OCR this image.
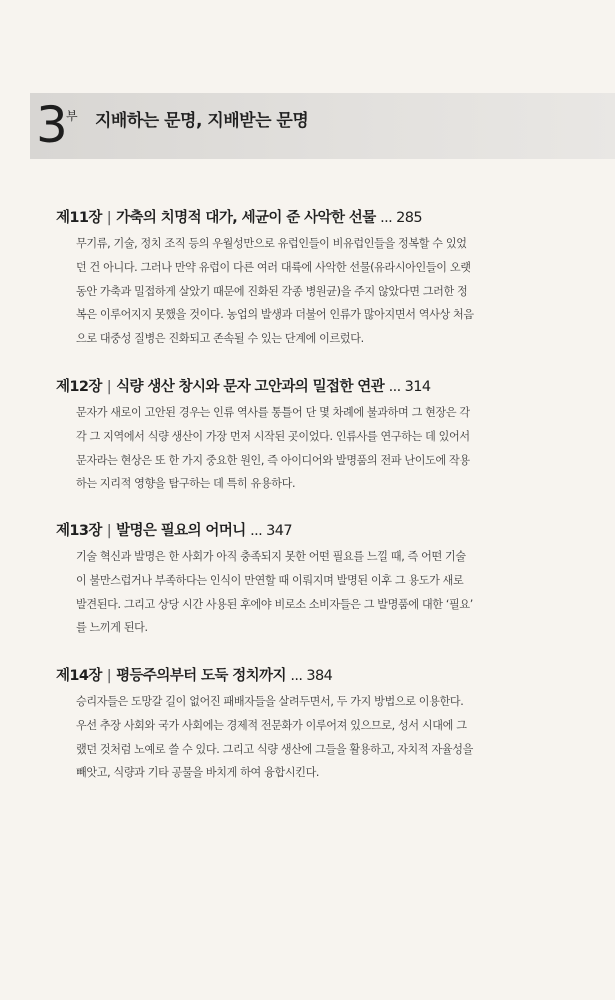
3
부 지배하는 문명, 지배받는 문명
제11장 | 가축의 치명적 대가, 세균이 준 사악한 선물 ... 285
무기류, 기술, 정치 조직 등의 우월성만으로 유럽인들이 비유럽인들을 정복할 수 있었
던 건 아니다. 그러나 만약 유럽이 다른 여러 대륙에 사악한 선물(유라시아인들이 오랫
동안 가축과 밀접하게 살았기 때문에 진화된 각종 병원균)을 주지 않았다면 그러한 정
복은 이루어지지 못했을 것이다. 농업의 발생과 더불어 인류가 많아지면서 역사상 처음
으로 대중성 질병은 진화되고 존속될 수 있는 단계에 이르렀다.
제12장 | 식량 생산 창시와 문자 고안과의 밀접한 연관 ... 314
문자가 새로이 고안된 경우는 인류 역사를 통틀어 단 몇 차례에 불과하며 그 현장은 각
각 그 지역에서 식량 생산이 가장 먼저 시작된 곳이었다. 인류사를 연구하는 데 있어서
문자라는 현상은 또 한 가지 중요한 원인, 즉 아이디어와 발명품의 전파 난이도에 작용
하는 지리적 영향을 탐구하는 데 특히 유용하다.
제13장 | 발명은 필요의 어머니 ... 347
기술 혁신과 발명은 한 사회가 아직 충족되지 못한 어떤 필요를 느낄 때, 즉 어떤 기술
이 불만스럽거나 부족하다는 인식이 만연할 때 이뤄지며 발명된 이후 그 용도가 새로
발견된다. 그리고 상당 시간 사용된 후에야 비로소 소비자들은 그 발명품에 대한 ‘필요’
를 느끼게 된다.
제14장 | 평등주의부터 도둑 정치까지 ... 384
승리자들은 도망갈 길이 없어진 패배자들을 살려두면서, 두 가지 방법으로 이용한다.
우선 추장 사회와 국가 사회에는 경제적 전문화가 이루어져 있으므로, 성서 시대에 그
랬던 것처럼 노예로 쓸 수 있다. 그리고 식량 생산에 그들을 활용하고, 자치적 자율성을
빼앗고, 식량과 기타 공물을 바치게 하여 융합시킨다.
